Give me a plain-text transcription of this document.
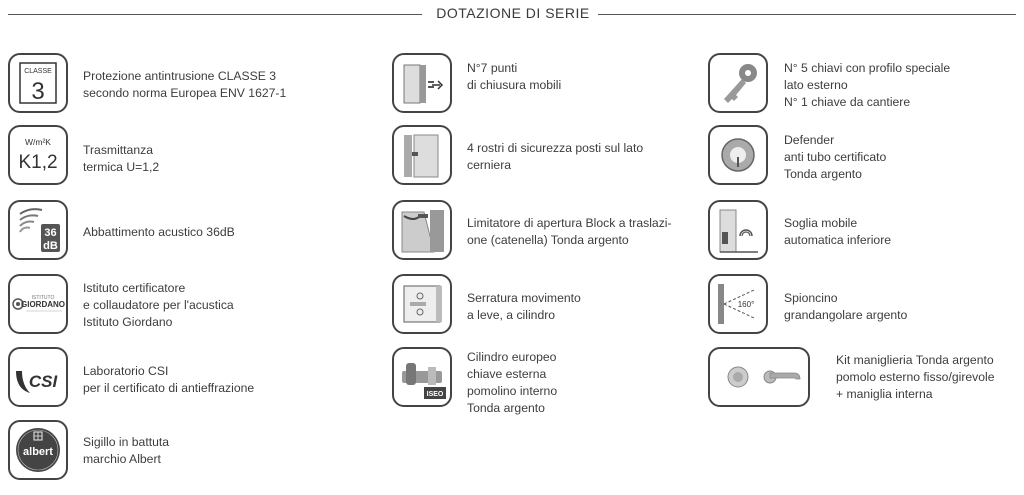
DOTAZIONE DI SERIE
CLASSE
3
Protezione antintrusione CLASSE 3
secondo norma Europea ENV 1627-1
W/m²K
K1,2
Trasmittanza
termica U=1,2
36
dB
Abbattimento acustico 36dB
ISTITUTO
GIORDANO
Istituto certificatore
e collaudatore per l'acustica
Istituto Giordano
CSI
Laboratorio CSI
per il certificato di antieffrazione
albert
Sigillo in battuta
marchio Albert
N°7 punti
di chiusura mobili
4 rostri di sicurezza posti sul lato
cerniera
Limitatore di apertura Block a traslazi-
one (catenella) Tonda argento
Serratura movimento
a leve, a cilindro
ISEO
Cilindro europeo
chiave esterna
pomolino interno
Tonda argento
N° 5 chiavi con profilo speciale
lato esterno
N° 1 chiave da cantiere
Defender
anti tubo certificato
Tonda argento
Soglia mobile
automatica inferiore
160° Spioncino
grandangolare argento
Kit maniglieria Tonda argento
pomolo esterno fisso/girevole
+ maniglia interna
